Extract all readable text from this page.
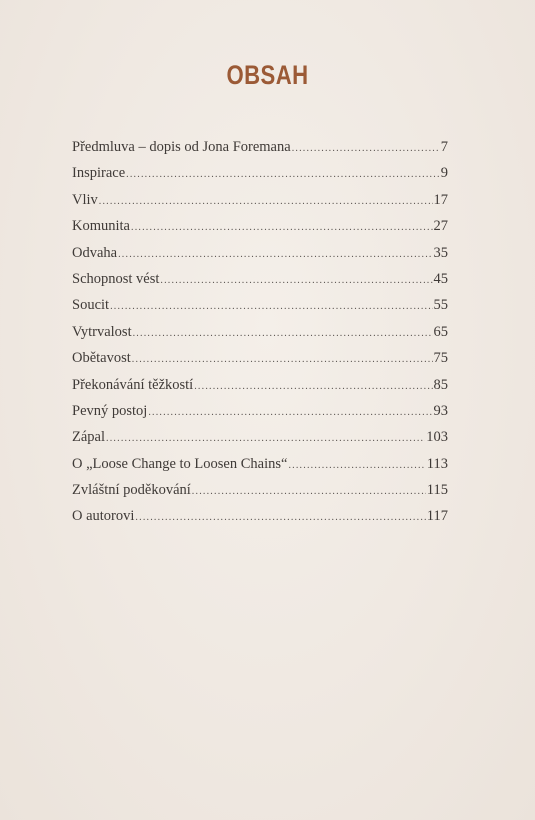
OBSAH
Předmluva – dopis od Jona Foremana .....	7
Inspirace .....	9
Vliv .....	17
Komunita .....	27
Odvaha .....	35
Schopnost vést .....	45
Soucit .....	55
Vytrvalost .....	65
Obětavost .....	75
Překonávání těžkostí .....	85
Pevný postoj .....	93
Zápal .....	103
O „Loose Change to Loosen Chains“ .....	113
Zvláštní poděkování .....	115
O autorovi .....	117
